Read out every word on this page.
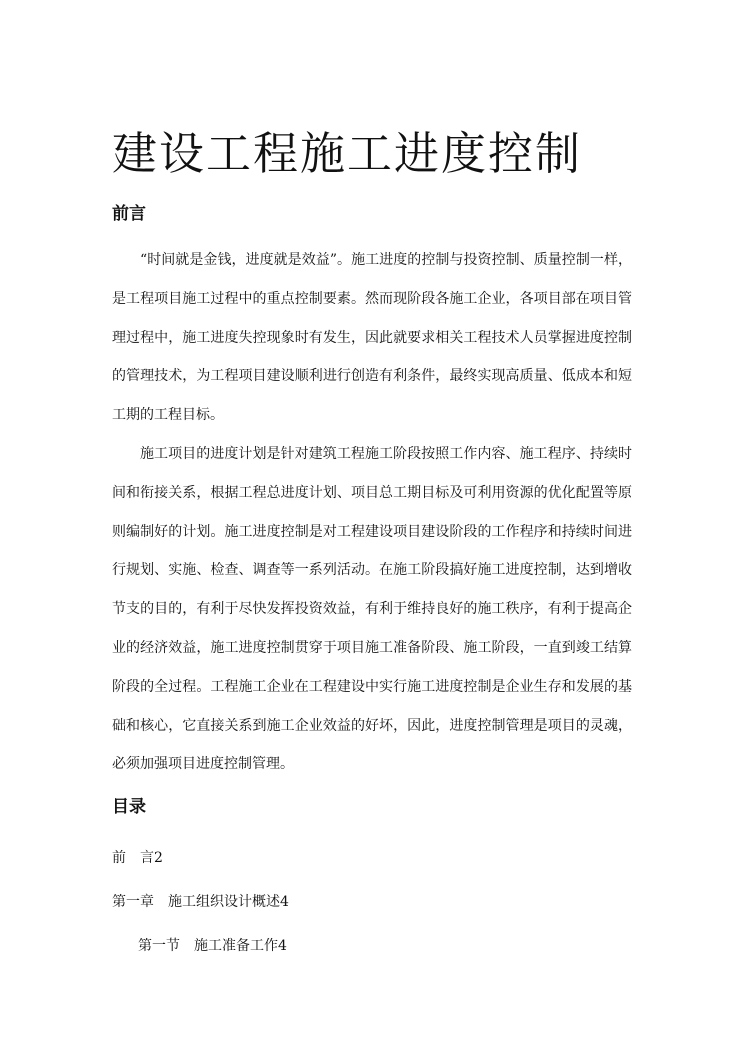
建设工程施工进度控制
前言

“时间就是金钱，进度就是效益”。施工进度的控制与投资控制、质量控制一样，是工程项目施工过程中的重点控制要素。然而现阶段各施工企业，各项目部在项目管理过程中，施工进度失控现象时有发生，因此就要求相关工程技术人员掌握进度控制的管理技术，为工程项目建设顺利进行创造有利条件，最终实现高质量、低成本和短工期的工程目标。

施工项目的进度计划是针对建筑工程施工阶段按照工作内容、施工程序、持续时间和衔接关系，根据工程总进度计划、项目总工期目标及可利用资源的优化配置等原则编制好的计划。施工进度控制是对工程建设项目建设阶段的工作程序和持续时间进行规划、实施、检查、调查等一系列活动。在施工阶段搞好施工进度控制，达到增收节支的目的，有利于尽快发挥投资效益，有利于维持良好的施工秩序，有利于提高企业的经济效益，施工进度控制贯穿于项目施工准备阶段、施工阶段，一直到竣工结算阶段的全过程。工程施工企业在工程建设中实行施工进度控制是企业生存和发展的基础和核心，它直接关系到施工企业效益的好坏，因此，进度控制管理是项目的灵魂，必须加强项目进度控制管理。

目录
前 言2
第一章 施工组织设计概述4
第一节 施工准备工作4
